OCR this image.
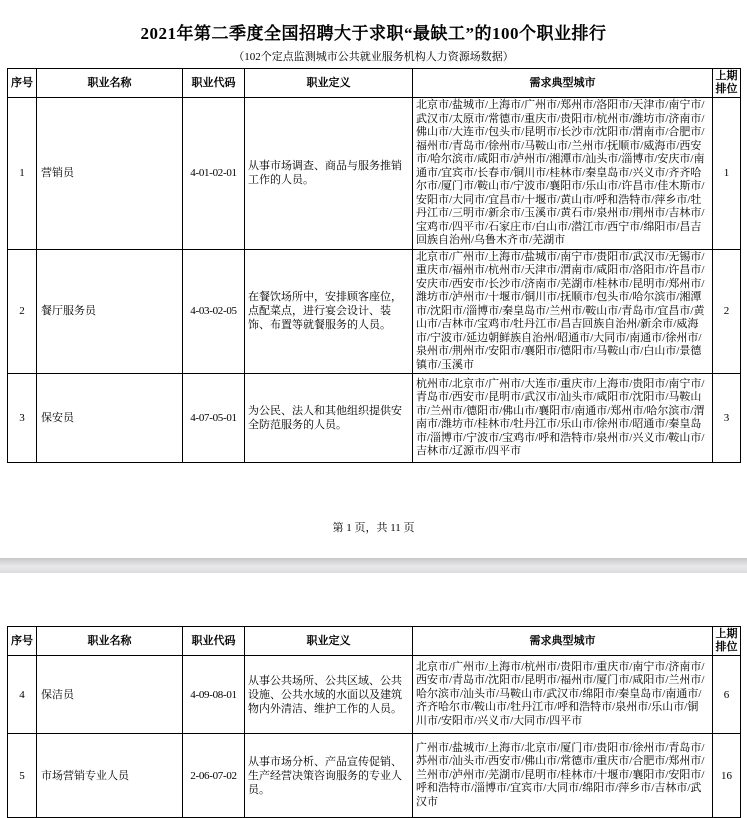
2021年第二季度全国招聘大于求职“最缺工”的100个职业排行
（102个定点监测城市公共就业服务机构人力资源场数据）
序号	职业名称	职业代码	职业定义	需求典型城市	上期排位
1	营销员	4-01-02-01	从事市场调查、商品与服务推销工作的人员。	北京市/盐城市/上海市/广州市/郑州市/洛阳市/天津市/南宁市/武汉市/太原市/常德市/重庆市/贵阳市/杭州市/潍坊市/济南市/佛山市/大连市/包头市/昆明市/长沙市/沈阳市/渭南市/合肥市/福州市/青岛市/徐州市/马鞍山市/兰州市/抚顺市/威海市/西安市/哈尔滨市/咸阳市/泸州市/湘潭市/汕头市/淄博市/安庆市/南通市/宜宾市/长春市/铜川市/桂林市/秦皇岛市/兴义市/齐齐哈尔市/厦门市/鞍山市/宁波市/襄阳市/乐山市/许昌市/佳木斯市/安阳市/大同市/宜昌市/十堰市/黄山市/呼和浩特市/萍乡市/牡丹江市/三明市/新余市/玉溪市/黄石市/泉州市/荆州市/吉林市/宝鸡市/四平市/石家庄市/白山市/潜江市/西宁市/绵阳市/昌吉回族自治州/乌鲁木齐市/芜湖市	1
2	餐厅服务员	4-03-02-05	在餐饮场所中，安排顾客座位，点配菜点，进行宴会设计、装饰、布置等就餐服务的人员。	北京市/广州市/上海市/盐城市/南宁市/贵阳市/武汉市/无锡市/重庆市/福州市/杭州市/天津市/渭南市/咸阳市/洛阳市/许昌市/安庆市/西安市/长沙市/济南市/芜湖市/桂林市/昆明市/郑州市/潍坊市/泸州市/十堰市/铜川市/抚顺市/包头市/哈尔滨市/湘潭市/沈阳市/淄博市/秦皇岛市/兰州市/鞍山市/青岛市/宜昌市/黄山市/吉林市/宝鸡市/牡丹江市/昌吉回族自治州/新余市/威海市/宁波市/延边朝鲜族自治州/昭通市/大同市/南通市/徐州市/泉州市/荆州市/安阳市/襄阳市/德阳市/马鞍山市/白山市/景德镇市/玉溪市	2
3	保安员	4-07-05-01	为公民、法人和其他组织提供安全防范服务的人员。	杭州市/北京市/广州市/大连市/重庆市/上海市/贵阳市/南宁市/青岛市/西安市/昆明市/武汉市/汕头市/咸阳市/沈阳市/马鞍山市/兰州市/德阳市/佛山市/襄阳市/南通市/郑州市/哈尔滨市/渭南市/潍坊市/桂林市/牡丹江市/乐山市/徐州市/昭通市/秦皇岛市/淄博市/宁波市/宝鸡市/呼和浩特市/泉州市/兴义市/鞍山市/吉林市/辽源市/四平市	3
第 1 页，共 11 页
序号	职业名称	职业代码	职业定义	需求典型城市	上期排位
4	保洁员	4-09-08-01	从事公共场所、公共区域、公共设施、公共水域的水面以及建筑物内外清洁、维护工作的人员。	北京市/广州市/上海市/杭州市/贵阳市/重庆市/南宁市/济南市/西安市/青岛市/沈阳市/昆明市/福州市/厦门市/咸阳市/兰州市/哈尔滨市/汕头市/马鞍山市/武汉市/绵阳市/秦皇岛市/南通市/齐齐哈尔市/鞍山市/牡丹江市/呼和浩特市/泉州市/乐山市/铜川市/安阳市/兴义市/大同市/四平市	6
5	市场营销专业人员	2-06-07-02	从事市场分析、产品宣传促销、生产经营决策咨询服务的专业人员。	广州市/盐城市/上海市/北京市/厦门市/贵阳市/徐州市/青岛市/苏州市/汕头市/西安市/佛山市/常德市/重庆市/合肥市/郑州市/兰州市/泸州市/芜湖市/昆明市/桂林市/十堰市/襄阳市/安阳市/呼和浩特市/淄博市/宜宾市/大同市/绵阳市/萍乡市/吉林市/武汉市	16
